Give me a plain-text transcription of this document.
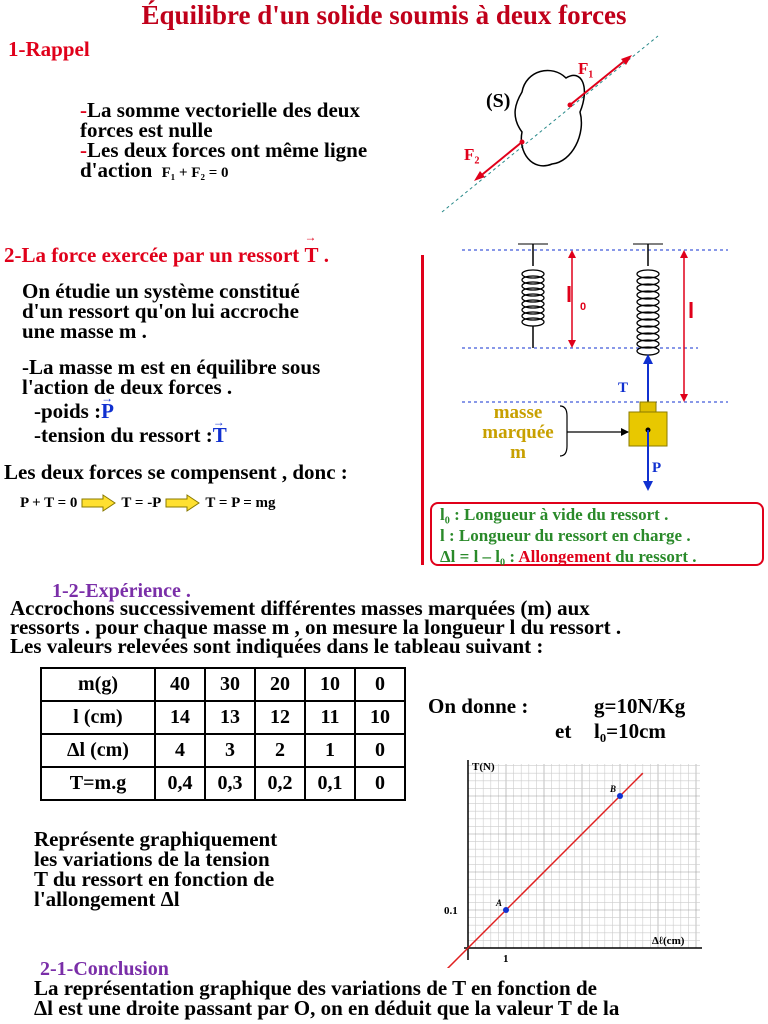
Équilibre d'un solide soumis à deux forces
1-Rappel
-La somme vectorielle des deux
forces est nulle
-Les deux forces ont même ligne
d'action F₁ + F₂ = 0
(S)
F₁
F₂
2-La force exercée par un ressort → T .
On étudie un système constitué
d'un ressort qu'on lui accroche
une masse m .
-La masse m est en équilibre sous
l'action de deux forces .
-poids :→ P
-tension du ressort :→ T
Les deux forces se compensent , donc :
P + T = 0	T = -P	T = P = mg
l 0	l
T
P
masse
marquée
m
l₀ : Longueur à vide du ressort .
l : Longueur du ressort en charge .
Δl = l – l₀ : Allongement du ressort .
1-2-Expérience .
Accrochons successivement différentes masses marquées (m) aux
ressorts . pour chaque masse m , on mesure la longueur l du ressort .
Les valeurs relevées sont indiquées dans le tableau suivant :
m(g)	40	30	20	10	0
l (cm)	14	13	12	11	10
Δl (cm)	4	3	2	1	0
T=m.g	0,4	0,3	0,2	0,1	0
On donne :	g=10N/Kg
et l₀=10cm
Représente graphiquement
les variations de la tension
T du ressort en fonction de
l'allongement Δl	A
B
T(N)
Δℓ(cm)
0.1
1
2-1-Conclusion
La représentation graphique des variations de T en fonction de
Δl est une droite passant par O, on en déduit que la valeur T de la
